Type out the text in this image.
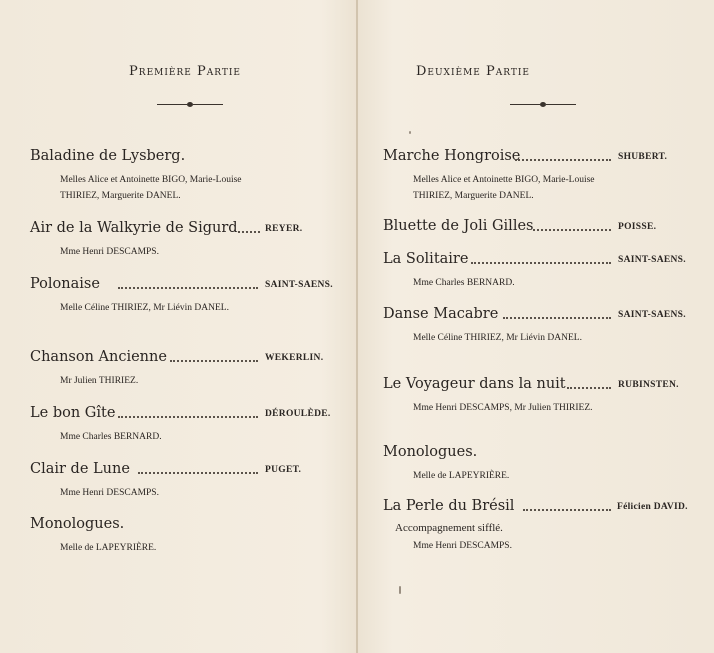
Première Partie
Baladine de Lysberg.
Melles Alice et Antoinette BIGO, Marie-Louise THIRIEZ, Marguerite DANEL.
Air de la Walkyrie de Sigurd	REYER.
Mme Henri DESCAMPS.
Polonaise	SAINT-SAENS.
Melle Céline THIRIEZ, Mr Liévin DANEL.
Chanson Ancienne	WEKERLIN.
Mr Julien THIRIEZ.
Le bon Gîte	DÉROULÈDE.
Mme Charles BERNARD.
Clair de Lune	PUGET.
Mme Henri DESCAMPS.
Monologues.
Melle de LAPEYRIÈRE.
Deuxième Partie
Marche Hongroise	SHUBERT.
Melles Alice et Antoinette BIGO, Marie-Louise THIRIEZ, Marguerite DANEL.
Bluette de Joli Gilles	POISSE.
La Solitaire	SAINT-SAENS.
Mme Charles BERNARD.
Danse Macabre	SAINT-SAENS.
Melle Céline THIRIEZ, Mr Liévin DANEL.
Le Voyageur dans la nuit	RUBINSTEN.
Mme Henri DESCAMPS, Mr Julien THIRIEZ.
Monologues.
Melle de LAPEYRIÈRE.
La Perle du Brésil	Félicien DAVID.
Accompagnement sifflé.
Mme Henri DESCAMPS.
